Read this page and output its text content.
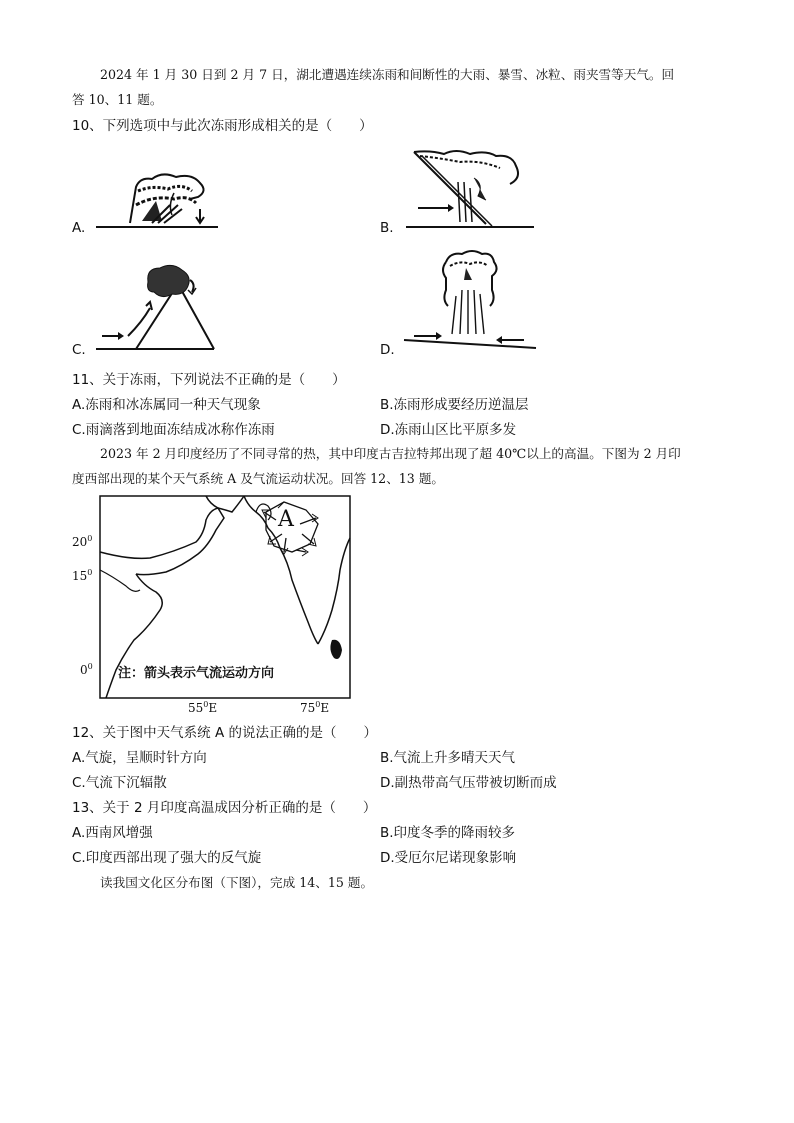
2024 年 1 月 30 日到 2 月 7 日，湖北遭遇连续冻雨和间断性的大雨、暴雪、冰粒、雨夹雪等天气。回
答 10、11 题。
10、下列选项中与此次冻雨形成相关的是（　　）
A.	B.
C.	D.
11、关于冻雨，下列说法不正确的是（　　）
A.冻雨和冰冻属同一种天气现象	B.冻雨形成要经历逆温层
C.雨滴落到地面冻结成冰称作冻雨	D.冻雨山区比平原多发
2023 年 2 月印度经历了不同寻常的热，其中印度古吉拉特邦出现了超 40℃以上的高温。下图为 2 月印
度西部出现的某个天气系统 A 及气流运动状况。回答 12、13 题。
A
$20^0$
$15^0$
$0^0$ 注：箭头表示气流运动方向
$55^0E$	$75^0E$
12、关于图中天气系统 A 的说法正确的是（　　）
A.气旋，呈顺时针方向	B.气流上升多晴天天气
C.气流下沉辐散	D.副热带高气压带被切断而成
13、关于 2 月印度高温成因分析正确的是（　　）
A.西南风增强	B.印度冬季的降雨较多
C.印度西部出现了强大的反气旋	D.受厄尔尼诺现象影响
读我国文化区分布图（下图），完成 14、15 题。
